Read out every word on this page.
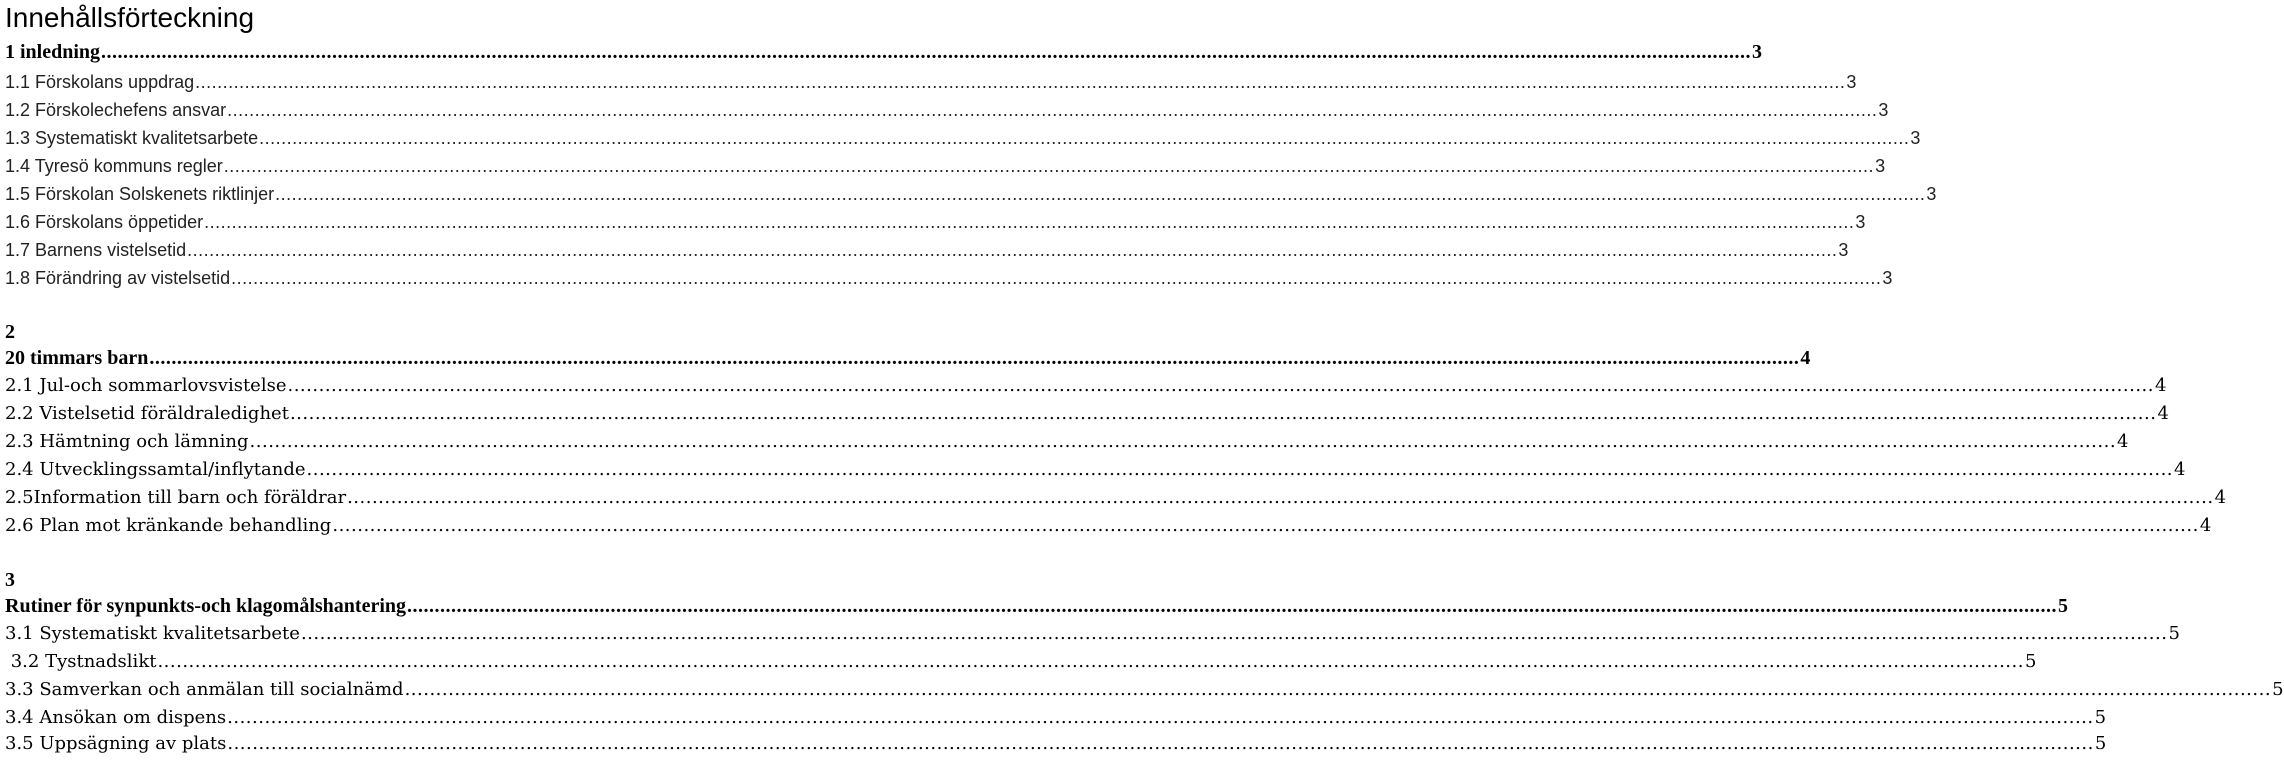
Innehållsförteckning
1 inledning ............................................................................................................................................................................................................................................................................................................ 3
1.1 Förskolans uppdrag ............................................................................................................................................................................................................................................................................................................ 3
1.2 Förskolechefens ansvar ............................................................................................................................................................................................................................................................................................................ 3
1.3 Systematiskt kvalitetsarbete ............................................................................................................................................................................................................................................................................................................ 3
1.4 Tyresö kommuns regler ............................................................................................................................................................................................................................................................................................................ 3
1.5 Förskolan Solskenets riktlinjer ............................................................................................................................................................................................................................................................................................................ 3
1.6 Förskolans öppetider ............................................................................................................................................................................................................................................................................................................ 3
1.7 Barnens vistelsetid ............................................................................................................................................................................................................................................................................................................ 3
1.8 Förändring av vistelsetid ............................................................................................................................................................................................................................................................................................................ 3
2
20 timmars barn ............................................................................................................................................................................................................................................................................................................ 4
2.1 Jul-och sommarlovsvistelse ............................................................................................................................................................................................................................................................................................................ 4
2.2 Vistelsetid föräldraledighet ............................................................................................................................................................................................................................................................................................................ 4
2.3 Hämtning och lämning ............................................................................................................................................................................................................................................................................................................ 4
2.4 Utvecklingssamtal/inflytande ............................................................................................................................................................................................................................................................................................................ 4
2.5Information till barn och föräldrar ............................................................................................................................................................................................................................................................................................................ 4
2.6 Plan mot kränkande behandling ............................................................................................................................................................................................................................................................................................................ 4
3
Rutiner för synpunkts-och klagomålshantering ............................................................................................................................................................................................................................................................................................................ 5
3.1 Systematiskt kvalitetsarbete ............................................................................................................................................................................................................................................................................................................ 5
3.2 Tystnadslikt ............................................................................................................................................................................................................................................................................................................ 5
3.3 Samverkan och anmälan till socialnämd ............................................................................................................................................................................................................................................................................................................ 5
3.4 Ansökan om dispens ............................................................................................................................................................................................................................................................................................................ 5
3.5 Uppsägning av plats ............................................................................................................................................................................................................................................................................................................ 5
